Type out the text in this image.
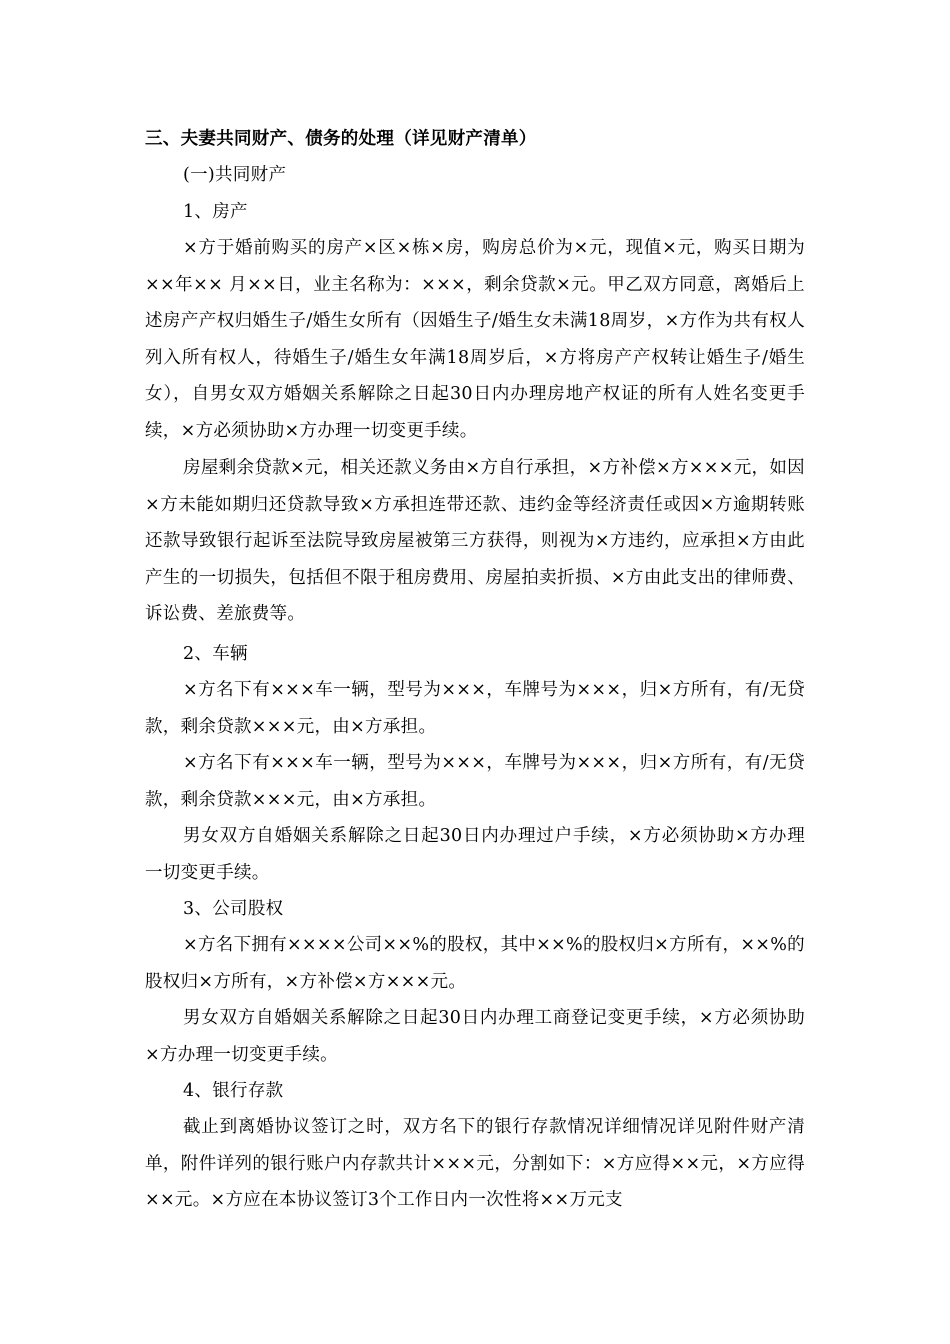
三、夫妻共同财产、债务的处理（详见财产清单）
(一)共同财产
1、房产
×方于婚前购买的房产×区×栋×房，购房总价为×元，现值×元，购买日期为××年×× 月××日，业主名称为：×××，剩余贷款×元。甲乙双方同意，离婚后上述房产产权归婚生子/婚生女所有（因婚生子/婚生女未满18周岁，×方作为共有权人列入所有权人，待婚生子/婚生女年满18周岁后，×方将房产产权转让婚生子/婚生女），自男女双方婚姻关系解除之日起30日内办理房地产权证的所有人姓名变更手续，×方必须协助×方办理一切变更手续。
房屋剩余贷款×元，相关还款义务由×方自行承担，×方补偿×方×××元，如因×方未能如期归还贷款导致×方承担连带还款、违约金等经济责任或因×方逾期转账还款导致银行起诉至法院导致房屋被第三方获得，则视为×方违约，应承担×方由此产生的一切损失，包括但不限于租房费用、房屋拍卖折损、×方由此支出的律师费、诉讼费、差旅费等。
2、车辆
×方名下有×××车一辆，型号为×××，车牌号为×××，归×方所有，有/无贷款，剩余贷款×××元，由×方承担。
×方名下有×××车一辆，型号为×××，车牌号为×××，归×方所有，有/无贷款，剩余贷款×××元，由×方承担。
男女双方自婚姻关系解除之日起30日内办理过户手续，×方必须协助×方办理一切变更手续。
3、公司股权
×方名下拥有××××公司××%的股权，其中××%的股权归×方所有，××%的股权归×方所有，×方补偿×方×××元。
男女双方自婚姻关系解除之日起30日内办理工商登记变更手续，×方必须协助×方办理一切变更手续。
4、银行存款
截止到离婚协议签订之时，双方名下的银行存款情况详细情况详见附件财产清单，附件详列的银行账户内存款共计×××元，分割如下：×方应得××元，×方应得××元。×方应在本协议签订3个工作日内一次性将××万元支
